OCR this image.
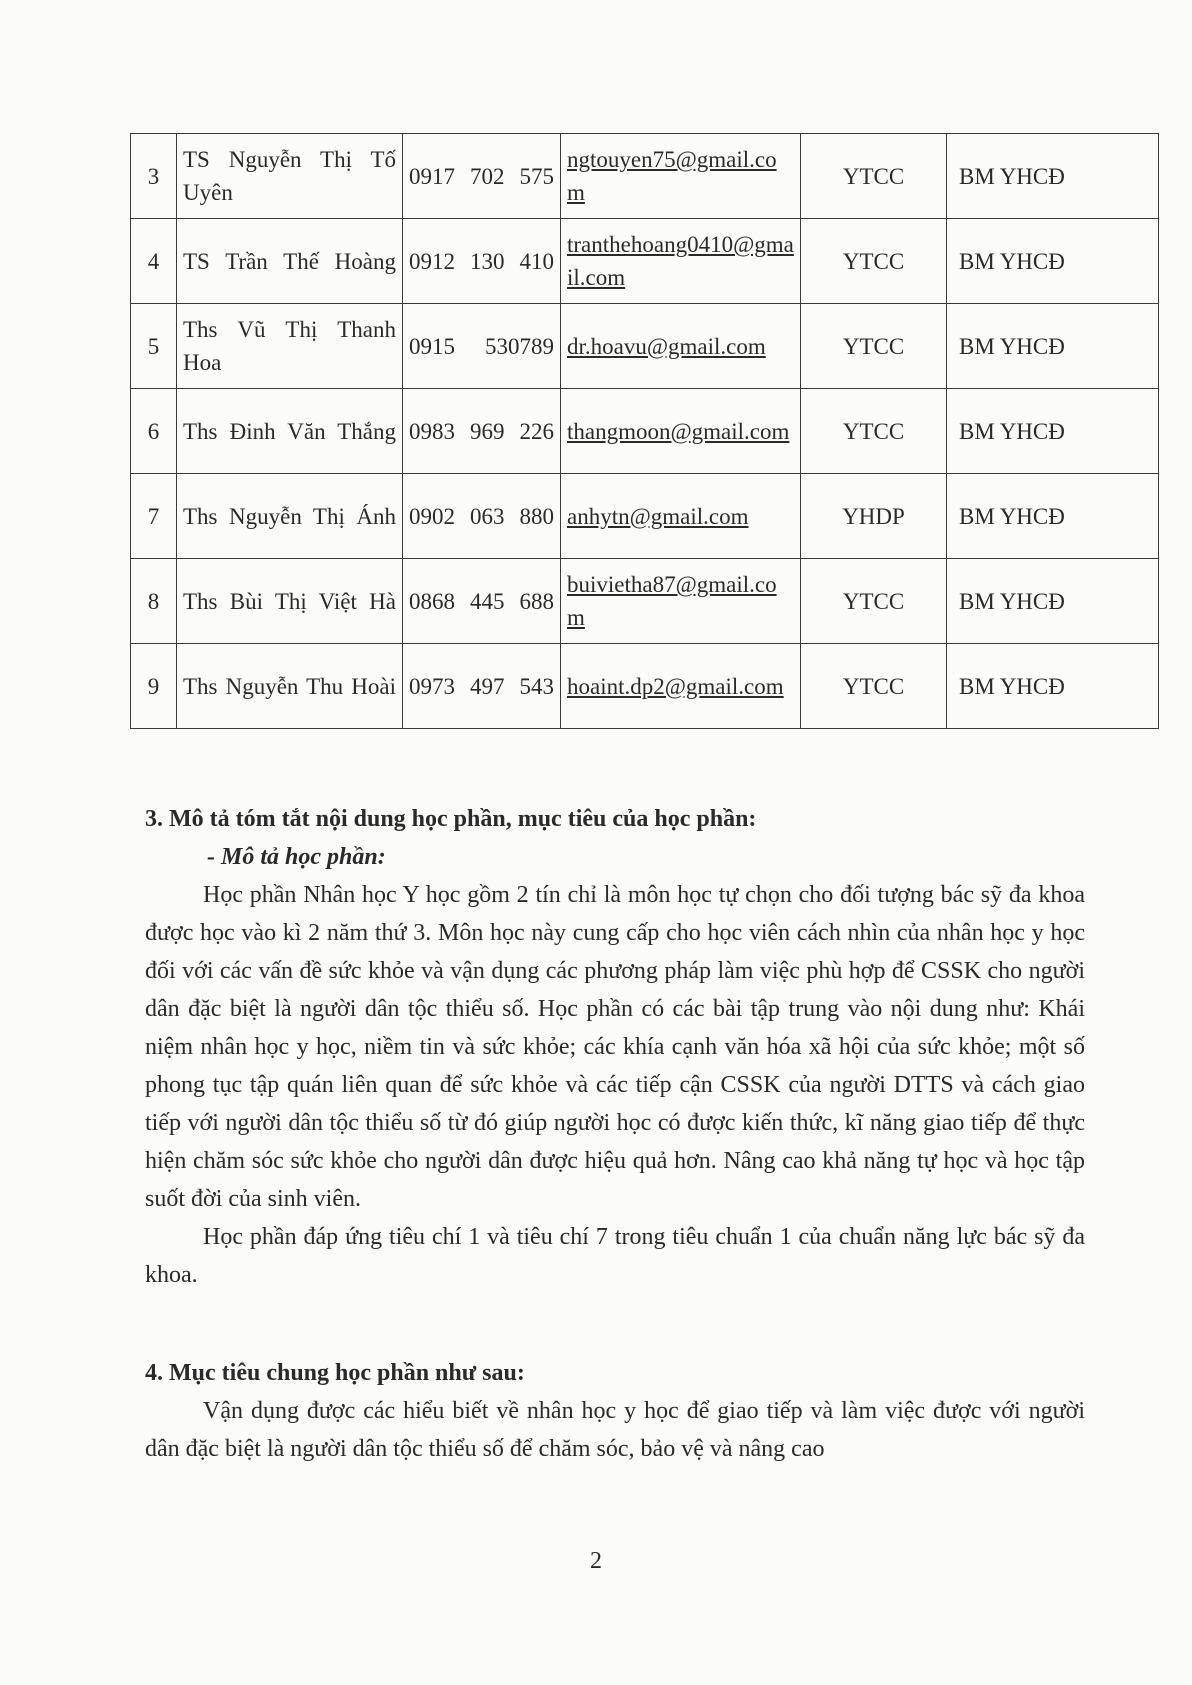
3	TS Nguyễn Thị Tố Uyên	0917 702 575	ngtouyen75@gmail.com	YTCC	BM YHCĐ
4	TS Trần Thế Hoàng	0912 130 410	tranthehoang0410@gmail.com	YTCC	BM YHCĐ
5	Ths Vũ Thị Thanh Hoa	0915 530789	dr.hoavu@gmail.com	YTCC	BM YHCĐ
6	Ths Đinh Văn Thắng	0983 969 226	thangmoon@gmail.com	YTCC	BM YHCĐ
7	Ths Nguyễn Thị Ánh	0902 063 880	anhytn@gmail.com	YHDP	BM YHCĐ
8	Ths Bùi Thị Việt Hà	0868 445 688	buivietha87@gmail.com	YTCC	BM YHCĐ
9	Ths Nguyễn Thu Hoài	0973 497 543	hoaint.dp2@gmail.com	YTCC	BM YHCĐ
3. Mô tả tóm tắt nội dung học phần, mục tiêu của học phần:
- Mô tả học phần:

Học phần Nhân học Y học gồm 2 tín chỉ là môn học tự chọn cho đối tượng bác sỹ đa khoa được học vào kì 2 năm thứ 3. Môn học này cung cấp cho học viên cách nhìn của nhân học y học đối với các vấn đề sức khỏe và vận dụng các phương pháp làm việc phù hợp để CSSK cho người dân đặc biệt là người dân tộc thiểu số. Học phần có các bài tập trung vào nội dung như: Khái niệm nhân học y học, niềm tin và sức khỏe; các khía cạnh văn hóa xã hội của sức khỏe; một số phong tục tập quán liên quan để sức khỏe và các tiếp cận CSSK của người DTTS và cách giao tiếp với người dân tộc thiểu số từ đó giúp người học có được kiến thức, kĩ năng giao tiếp để thực hiện chăm sóc sức khỏe cho người dân được hiệu quả hơn. Nâng cao khả năng tự học và học tập suốt đời của sinh viên.

Học phần đáp ứng tiêu chí 1 và tiêu chí 7 trong tiêu chuẩn 1 của chuẩn năng lực bác sỹ đa khoa.

4. Mục tiêu chung học phần như sau:

Vận dụng được các hiểu biết về nhân học y học để giao tiếp và làm việc được với người dân đặc biệt là người dân tộc thiểu số để chăm sóc, bảo vệ và nâng cao

2
